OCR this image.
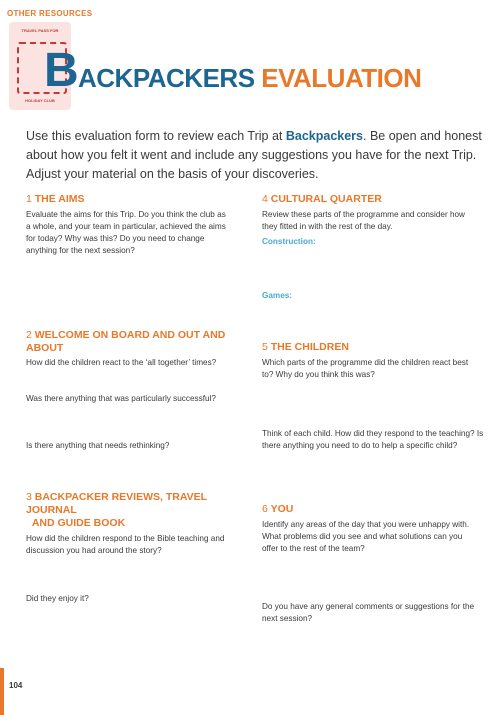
OTHER RESOURCES
TRAVEL PASS FOR
HOLIDAY CLUB
B ACKPACKERS EVALUATION
Use this evaluation form to review each Trip at Backpackers. Be open and honest about how you felt it went and include any suggestions you have for the next Trip. Adjust your material on the basis of your discoveries.
1 THE AIMS
Evaluate the aims for this Trip. Do you think the club as a whole, and your team in particular, achieved the aims for today? Why was this? Do you need to change anything for the next session?
2 WELCOME ON BOARD AND OUT AND ABOUT
How did the children react to the ‘all together’ times?
Was there anything that was particularly successful?
Is there anything that needs rethinking?
3 BACKPACKER REVIEWS, TRAVEL JOURNAL
AND GUIDE BOOK
How did the children respond to the Bible teaching and discussion you had around the story?
Did they enjoy it?
4 CULTURAL QUARTER
Review these parts of the programme and consider how they fitted in with the rest of the day.
Construction:
Games:
5 THE CHILDREN
Which parts of the programme did the children react best to? Why do you think this was?
Think of each child. How did they respond to the teaching? Is there anything you need to do to help a specific child?
6 YOU
Identify any areas of the day that you were unhappy with. What problems did you see and what solutions can you offer to the rest of the team?
Do you have any general comments or suggestions for the next session?
104
